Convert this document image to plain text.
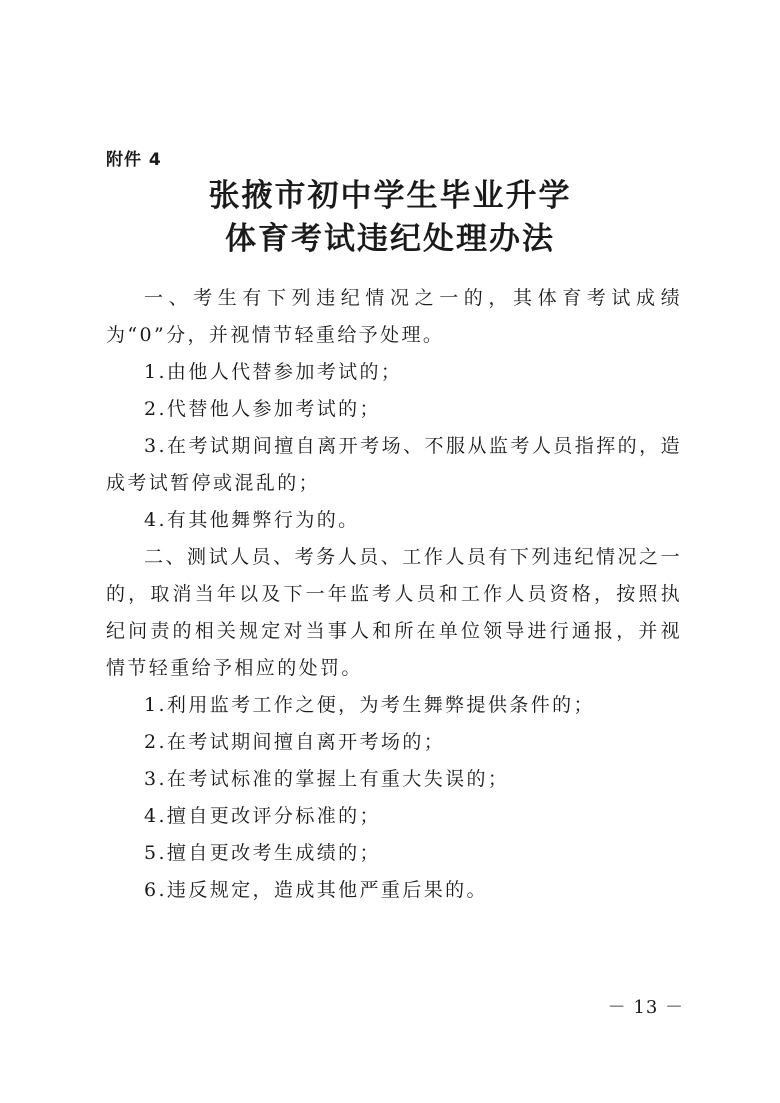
附件 4
张掖市初中学生毕业升学
体育考试违纪处理办法

一、考生有下列违纪情况之一的，其体育考试成绩为“0”分，并视情节轻重给予处理。

1.由他人代替参加考试的；

2.代替他人参加考试的；

3.在考试期间擅自离开考场、不服从监考人员指挥的，造成考试暂停或混乱的；

4.有其他舞弊行为的。

二、测试人员、考务人员、工作人员有下列违纪情况之一的，取消当年以及下一年监考人员和工作人员资格，按照执纪问责的相关规定对当事人和所在单位领导进行通报，并视情节轻重给予相应的处罚。

1.利用监考工作之便，为考生舞弊提供条件的；

2.在考试期间擅自离开考场的；

3.在考试标准的掌握上有重大失误的；

4.擅自更改评分标准的；

5.擅自更改考生成绩的；

6.违反规定，造成其他严重后果的。

－ 13 －
